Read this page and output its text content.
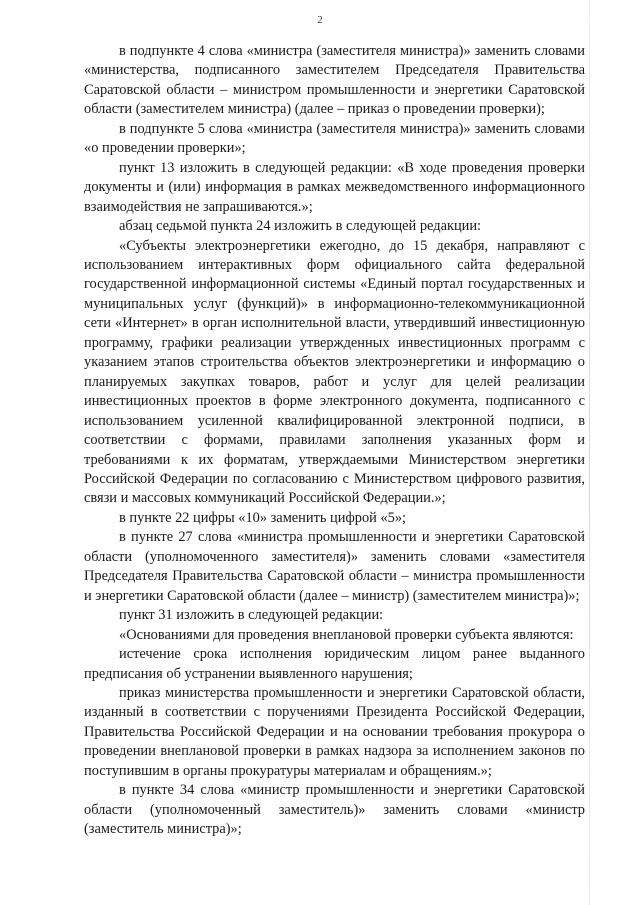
2

в подпункте 4 слова «министра (заместителя министра)» заменить словами «министерства, подписанного заместителем Председателя Правительства Саратовской области – министром промышленности и энергетики Саратовской области (заместителем министра) (далее – приказ о проведении проверки);

в подпункте 5 слова «министра (заместителя министра)» заменить словами «о проведении проверки»;

пункт 13 изложить в следующей редакции: «В ходе проведения проверки документы и (или) информация в рамках межведомственного информационного взаимодействия не запрашиваются.»;

абзац седьмой пункта 24 изложить в следующей редакции:

«Субъекты электроэнергетики ежегодно, до 15 декабря, направляют с использованием интерактивных форм официального сайта федеральной государственной информационной системы «Единый портал государственных и муниципальных услуг (функций)» в информационно-телекоммуникационной сети «Интернет» в орган исполнительной власти, утвердивший инвестиционную программу, графики реализации утвержденных инвестиционных программ с указанием этапов строительства объектов электроэнергетики и информацию о планируемых закупках товаров, работ и услуг для целей реализации инвестиционных проектов в форме электронного документа, подписанного с использованием усиленной квалифицированной электронной подписи, в соответствии с формами, правилами заполнения указанных форм и требованиями к их форматам, утверждаемыми Министерством энергетики Российской Федерации по согласованию с Министерством цифрового развития, связи и массовых коммуникаций Российской Федерации.»;

в пункте 22 цифры «10» заменить цифрой «5»;

в пункте 27 слова «министра промышленности и энергетики Саратовской области (уполномоченного заместителя)» заменить словами «заместителя Председателя Правительства Саратовской области – министра промышленности и энергетики Саратовской области (далее – министр) (заместителем министра)»;

пункт 31 изложить в следующей редакции:

«Основаниями для проведения внеплановой проверки субъекта являются:

истечение срока исполнения юридическим лицом ранее выданного предписания об устранении выявленного нарушения;

приказ министерства промышленности и энергетики Саратовской области, изданный в соответствии с поручениями Президента Российской Федерации, Правительства Российской Федерации и на основании требования прокурора о проведении внеплановой проверки в рамках надзора за исполнением законов по поступившим в органы прокуратуры материалам и обращениям.»;

в пункте 34 слова «министр промышленности и энергетики Саратовской области (уполномоченный заместитель)» заменить словами «министр (заместитель министра)»;
